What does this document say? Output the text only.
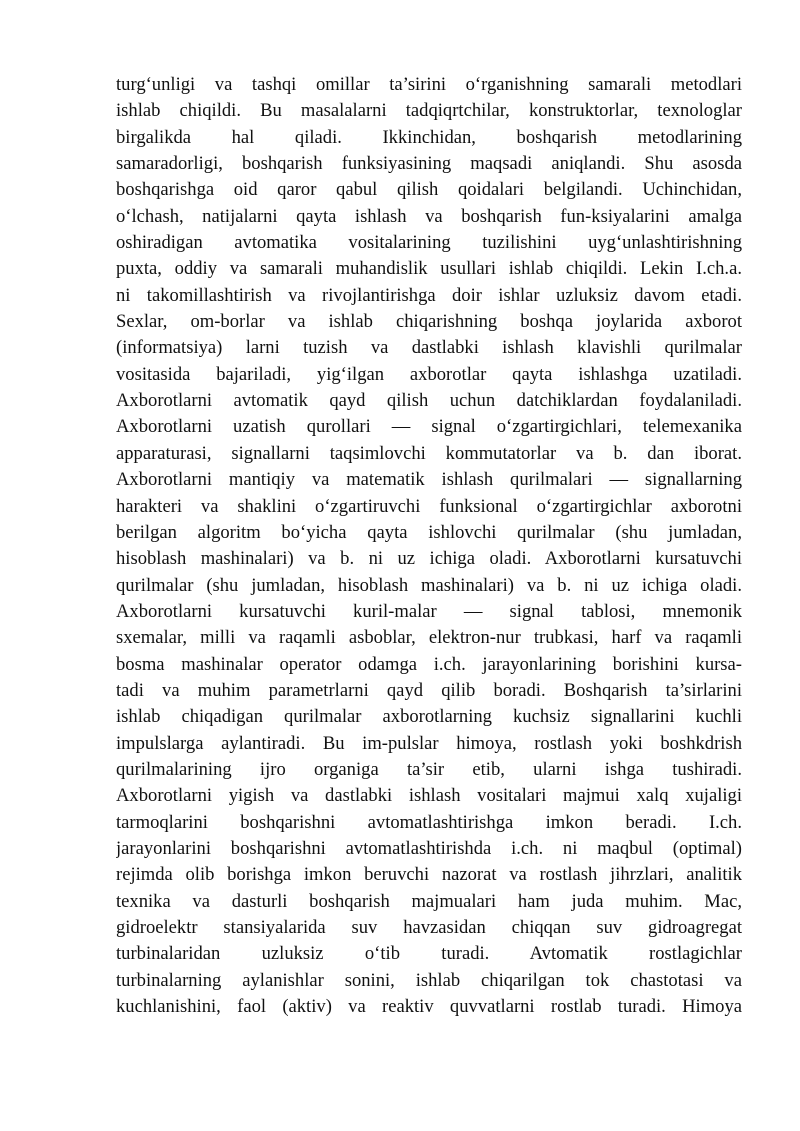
turg‘unligi va tashqi omillar ta’sirini o‘rganishning samarali metodlari
ishlab chiqildi. Bu masalalarni tadqiqrtchilar, konstruktorlar, texnologlar
birgalikda hal qiladi. Ikkinchidan, boshqarish metodlarining
samaradorligi, boshqarish funksiyasining maqsadi aniqlandi. Shu asosda
boshqarishga oid qaror qabul qilish qoidalari belgilandi. Uchinchidan,
o‘lchash, natijalarni qayta ishlash va boshqarish fun-ksiyalarini amalga
oshiradigan avtomatika vositalarining tuzilishini uyg‘unlashtirishning
puxta, oddiy va samarali muhandislik usullari ishlab chiqildi. Lekin I.ch.a.
ni takomillashtirish va rivojlantirishga doir ishlar uzluksiz davom etadi.
Sexlar, om-borlar va ishlab chiqarishning boshqa joylarida axborot
(informatsiya) larni tuzish va dastlabki ishlash klavishli qurilmalar
vositasida bajariladi, yig‘ilgan axborotlar qayta ishlashga uzatiladi.
Axborotlarni avtomatik qayd qilish uchun datchiklardan foydalaniladi.
Axborotlarni uzatish qurollari — signal o‘zgartirgichlari, telemexanika
apparaturasi, signallarni taqsimlovchi kommutatorlar va b. dan iborat.
Axborotlarni mantiqiy va matematik ishlash qurilmalari — signallarning
harakteri va shaklini o‘zgartiruvchi funksional o‘zgartirgichlar axborotni
berilgan algoritm bo‘yicha qayta ishlovchi qurilmalar (shu jumladan,
hisoblash mashinalari) va b. ni uz ichiga oladi. Axborotlarni kursatuvchi
qurilmalar (shu jumladan, hisoblash mashinalari) va b. ni uz ichiga oladi.
Axborotlarni kursatuvchi kuril-malar — signal tablosi, mnemonik
sxemalar, milli va raqamli asboblar, elektron-nur trubkasi, harf va raqamli
bosma mashinalar operator odamga i.ch. jarayonlarining borishini kursa-
tadi va muhim parametrlarni qayd qilib boradi. Boshqarish ta’sirlarini
ishlab chiqadigan qurilmalar axborotlarning kuchsiz signallarini kuchli
impulslarga aylantiradi. Bu im-pulslar himoya, rostlash yoki boshkdrish
qurilmalarining ijro organiga ta’sir etib, ularni ishga tushiradi.
Axborotlarni yigish va dastlabki ishlash vositalari majmui xalq xujaligi
tarmoqlarini boshqarishni avtomatlashtirishga imkon beradi. I.ch.
jarayonlarini boshqarishni avtomatlashtirishda i.ch. ni maqbul (optimal)
rejimda olib borishga imkon beruvchi nazorat va rostlash jihrzlari, analitik
texnika va dasturli boshqarish majmualari ham juda muhim. Mac,
gidroelektr stansiyalarida suv havzasidan chiqqan suv gidroagregat
turbinalaridan uzluksiz o‘tib turadi. Avtomatik rostlagichlar
turbinalarning aylanishlar sonini, ishlab chiqarilgan tok chastotasi va
kuchlanishini, faol (aktiv) va reaktiv quvvatlarni rostlab turadi. Himoya
